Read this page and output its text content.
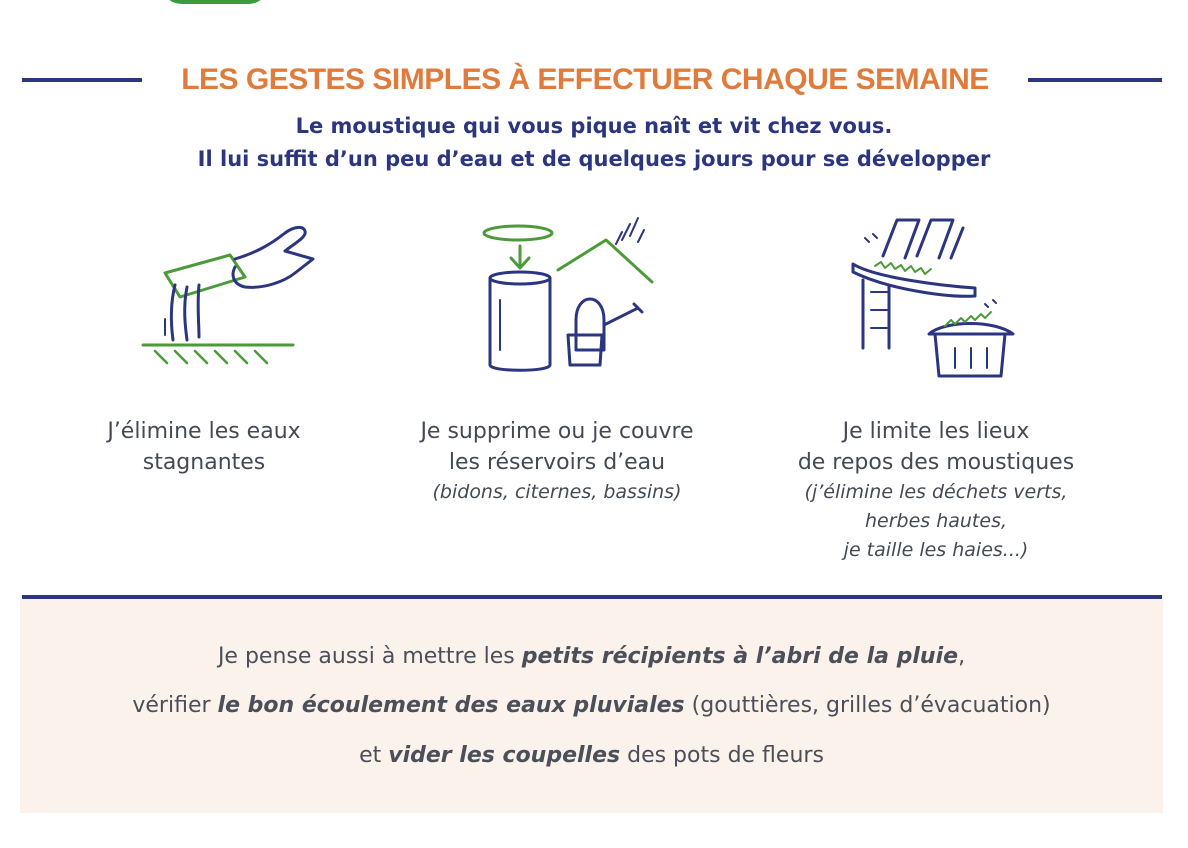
LES GESTES SIMPLES À EFFECTUER CHAQUE SEMAINE
Le moustique qui vous pique naît et vit chez vous.
Il lui suffit d’un peu d’eau et de quelques jours pour se développer
J’élimine les eaux
stagnantes
Je supprime ou je couvre
les réservoirs d’eau
(bidons, citernes, bassins)
Je limite les lieux
de repos des moustiques
(j’élimine les déchets verts,
herbes hautes,
je taille les haies...)
Je pense aussi à mettre les petits récipients à l’abri de la pluie,
vérifier le bon écoulement des eaux pluviales (gouttières, grilles d’évacuation)
et vider les coupelles des pots de fleurs
